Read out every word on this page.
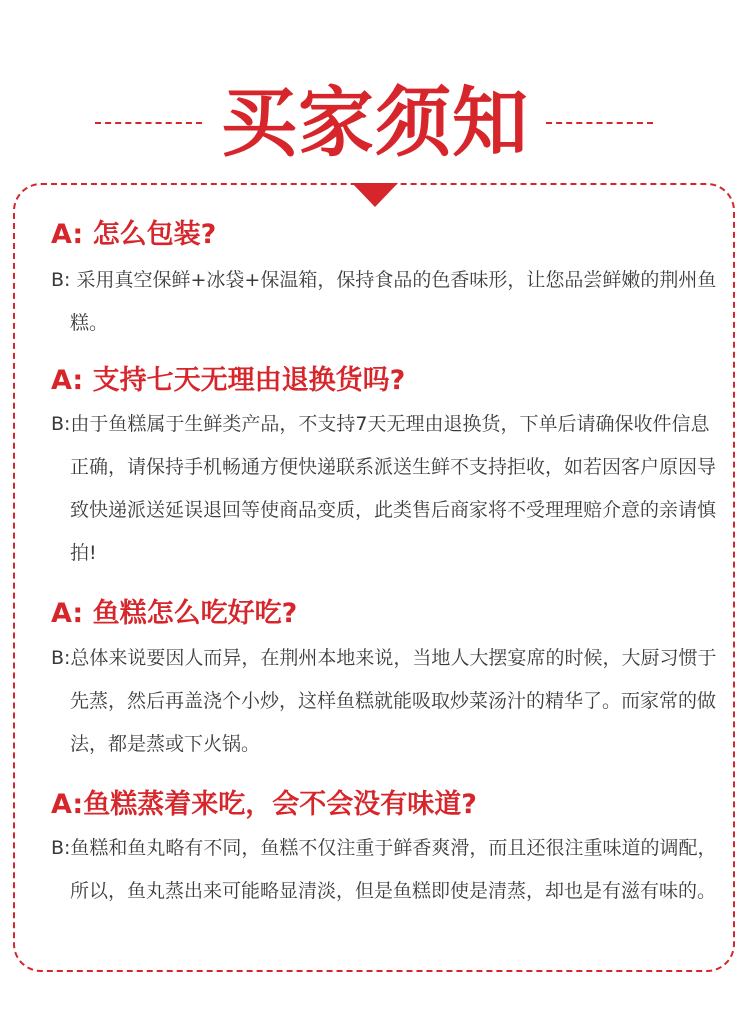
买家须知
A: 怎么包装?
B: 采用真空保鲜+冰袋+保温箱，保持食品的色香味形，让您品尝鲜嫩的荆州鱼糕。
A: 支持七天无理由退换货吗?
B:由于鱼糕属于生鲜类产品，不支持7天无理由退换货，下单后请确保收件信息正确，请保持手机畅通方便快递联系派送生鲜不支持拒收，如若因客户原因导致快递派送延误退回等使商品变质，此类售后商家将不受理理赔介意的亲请慎拍!
A: 鱼糕怎么吃好吃?
B:总体来说要因人而异，在荆州本地来说，当地人大摆宴席的时候，大厨习惯于先蒸，然后再盖浇个小炒，这样鱼糕就能吸取炒菜汤汁的精华了。而家常的做法，都是蒸或下火锅。
A:鱼糕蒸着来吃，会不会没有味道?
B:鱼糕和鱼丸略有不同，鱼糕不仅注重于鲜香爽滑，而且还很注重味道的调配，所以，鱼丸蒸出来可能略显清淡，但是鱼糕即使是清蒸，却也是有滋有味的。
